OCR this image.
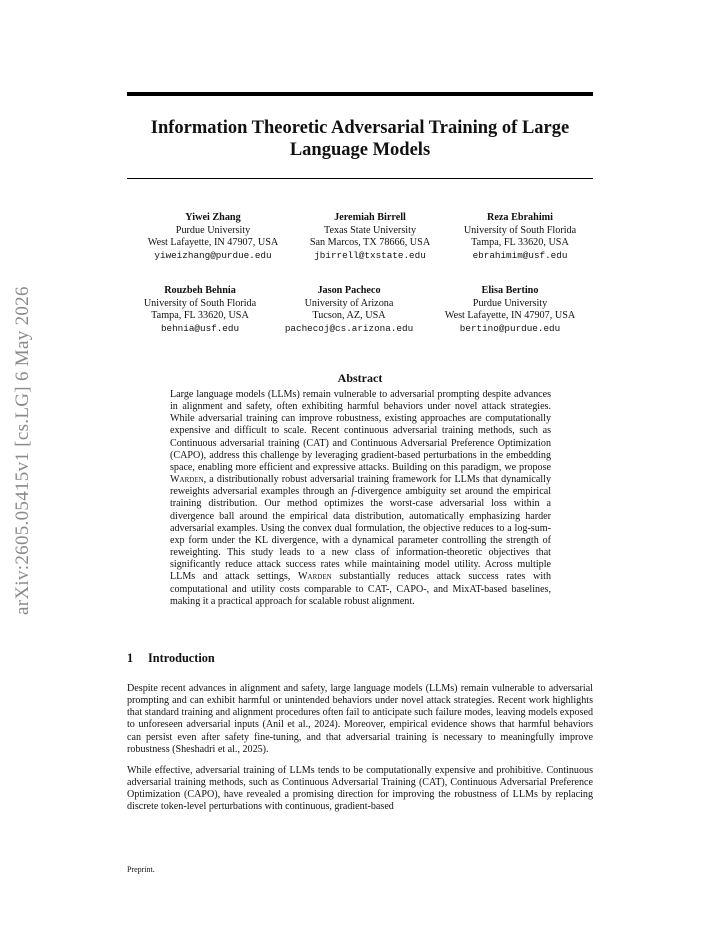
arXiv:2605.05415v1 [cs.LG] 6 May 2026
Information Theoretic Adversarial Training of Large Language Models
Yiwei Zhang
Purdue University
West Lafayette, IN 47907, USA
yiweizhang@purdue.edu
Jeremiah Birrell
Texas State University
San Marcos, TX 78666, USA
jbirrell@txstate.edu
Reza Ebrahimi
University of South Florida
Tampa, FL 33620, USA
ebrahimim@usf.edu
Rouzbeh Behnia
University of South Florida
Tampa, FL 33620, USA
behnia@usf.edu
Jason Pacheco
University of Arizona
Tucson, AZ, USA
pachecoj@cs.arizona.edu
Elisa Bertino
Purdue University
West Lafayette, IN 47907, USA
bertino@purdue.edu
Abstract
Large language models (LLMs) remain vulnerable to adversarial prompting despite advances in alignment and safety, often exhibiting harmful behaviors under novel attack strategies. While adversarial training can improve robustness, existing approaches are computationally expensive and difficult to scale. Recent continuous adversarial training methods, such as Continuous adversarial training (CAT) and Continuous Adversarial Preference Optimization (CAPO), address this challenge by leveraging gradient-based perturbations in the embedding space, enabling more efficient and expressive attacks. Building on this paradigm, we propose Warden, a distributionally robust adversarial training framework for LLMs that dynamically reweights adversarial examples through an f-divergence ambiguity set around the empirical training distribution. Our method optimizes the worst-case adversarial loss within a divergence ball around the empirical data distribution, automatically emphasizing harder adversarial examples. Using the convex dual formulation, the objective reduces to a log-sum-exp form under the KL divergence, with a dynamical parameter controlling the strength of reweighting. This study leads to a new class of information-theoretic objectives that significantly reduce attack success rates while maintaining model utility. Across multiple LLMs and attack settings, Warden substantially reduces attack success rates with computational and utility costs comparable to CAT-, CAPO-, and MixAT-based baselines, making it a practical approach for scalable robust alignment.
1 Introduction
Despite recent advances in alignment and safety, large language models (LLMs) remain vulnerable to adversarial prompting and can exhibit harmful or unintended behaviors under novel attack strategies. Recent work highlights that standard training and alignment procedures often fail to anticipate such failure modes, leaving models exposed to unforeseen adversarial inputs (Anil et al., 2024). Moreover, empirical evidence shows that harmful behaviors can persist even after safety fine-tuning, and that adversarial training is necessary to meaningfully improve robustness (Sheshadri et al., 2025).
While effective, adversarial training of LLMs tends to be computationally expensive and prohibitive. Continuous adversarial training methods, such as Continuous Adversarial Training (CAT), Continuous Adversarial Preference Optimization (CAPO), have revealed a promising direction for improving the robustness of LLMs by replacing discrete token-level perturbations with continuous, gradient-based
Preprint.
